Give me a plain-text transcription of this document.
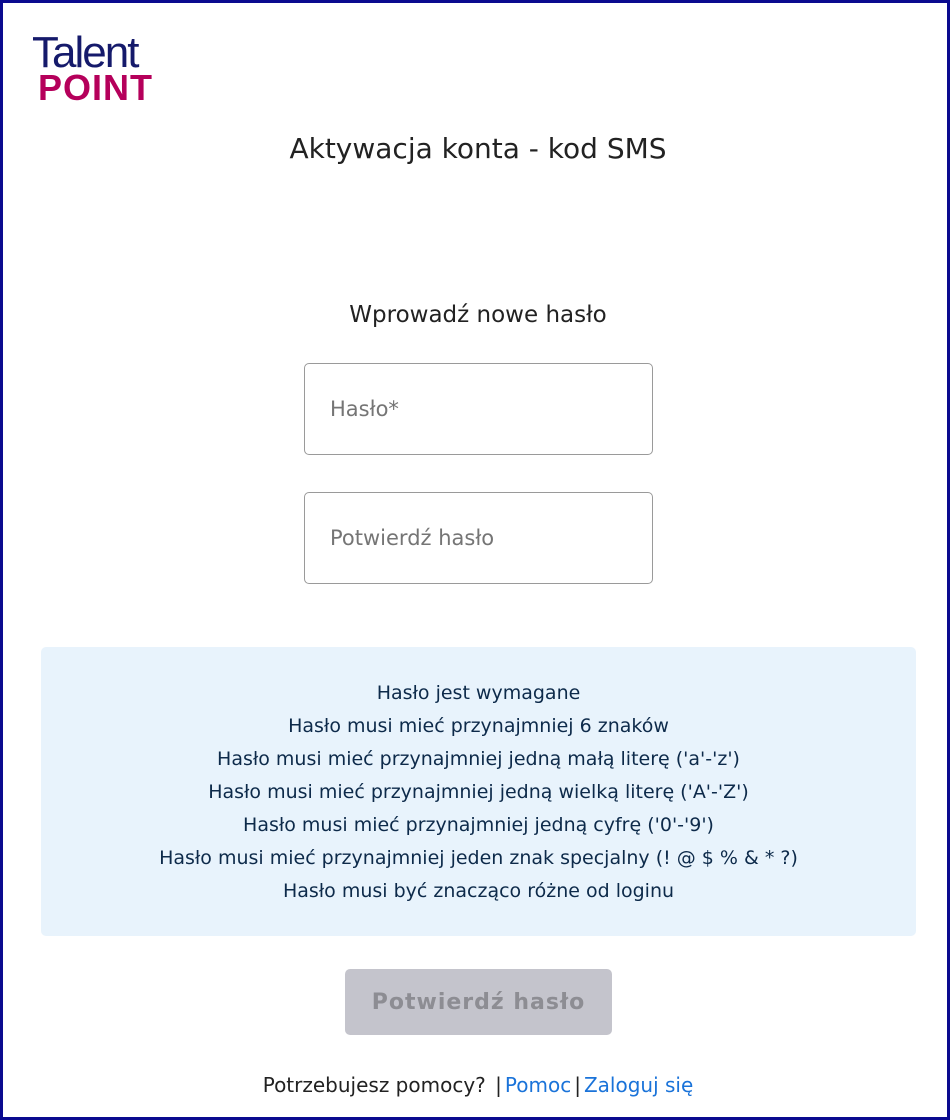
Talent
POINT
Aktywacja konta - kod SMS
Wprowadź nowe hasło
Hasło jest wymagane
Hasło musi mieć przynajmniej 6 znaków
Hasło musi mieć przynajmniej jedną małą literę ('a'-'z')
Hasło musi mieć przynajmniej jedną wielką literę ('A'-'Z')
Hasło musi mieć przynajmniej jedną cyfrę ('0'-'9')
Hasło musi mieć przynajmniej jeden znak specjalny (! @ $ % & * ?)
Hasło musi być znacząco różne od loginu
Potwierdź hasło
Potrzebujesz pomocy? | Pomoc | Zaloguj się
